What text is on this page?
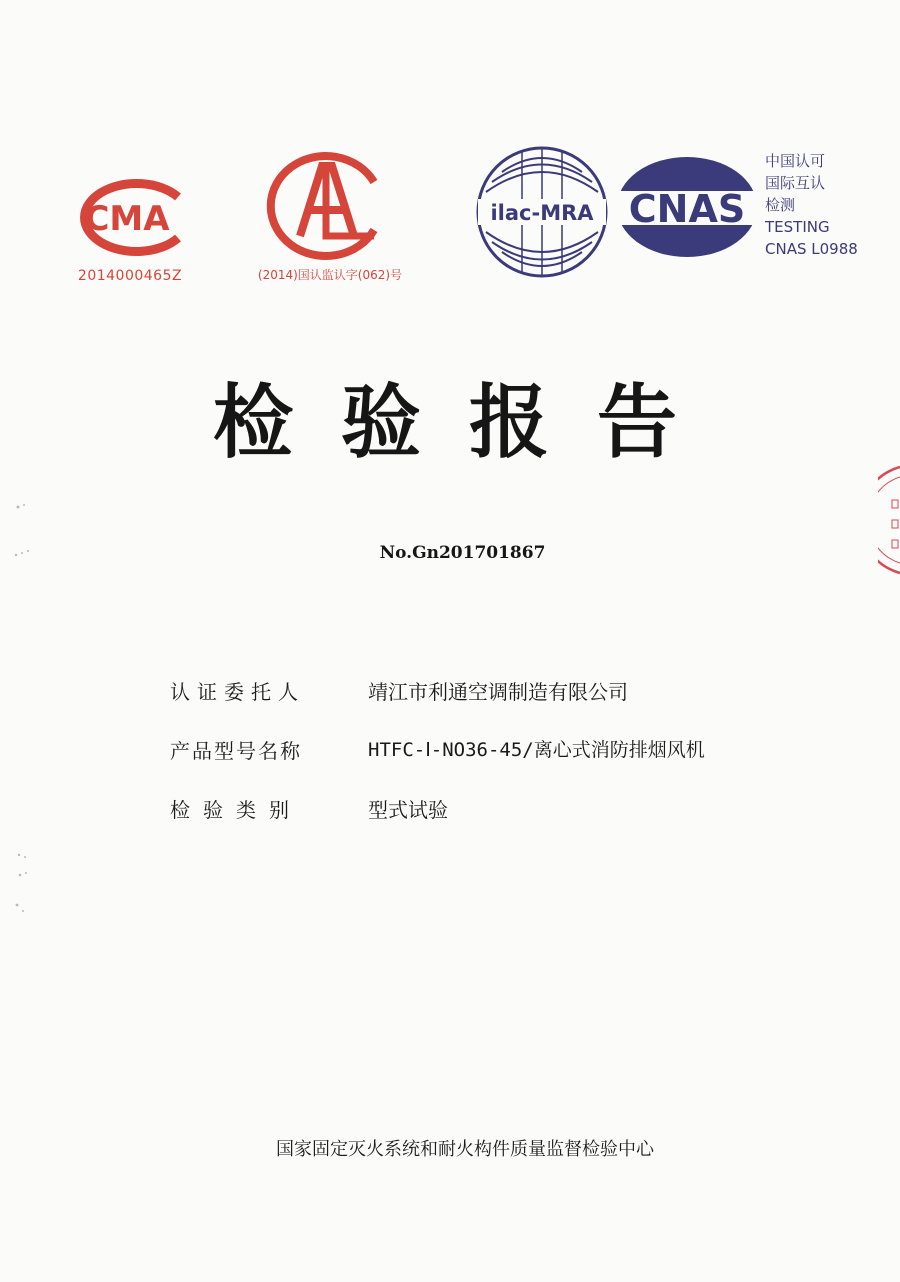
CMA
2014000465Z	(2014)国认监认字(062)号
ilac-MRA CNAS
中国认可
国际互认
检测
TESTING
CNAS L0988
检验报告
No.Gn201701867
认证委托人	靖江市利通空调制造有限公司
产品型号名称	HTFC-Ⅰ-NO36-45/离心式消防排烟风机
检验类别	型式试验
国家固定灭火系统和耐火构件质量监督检验中心
